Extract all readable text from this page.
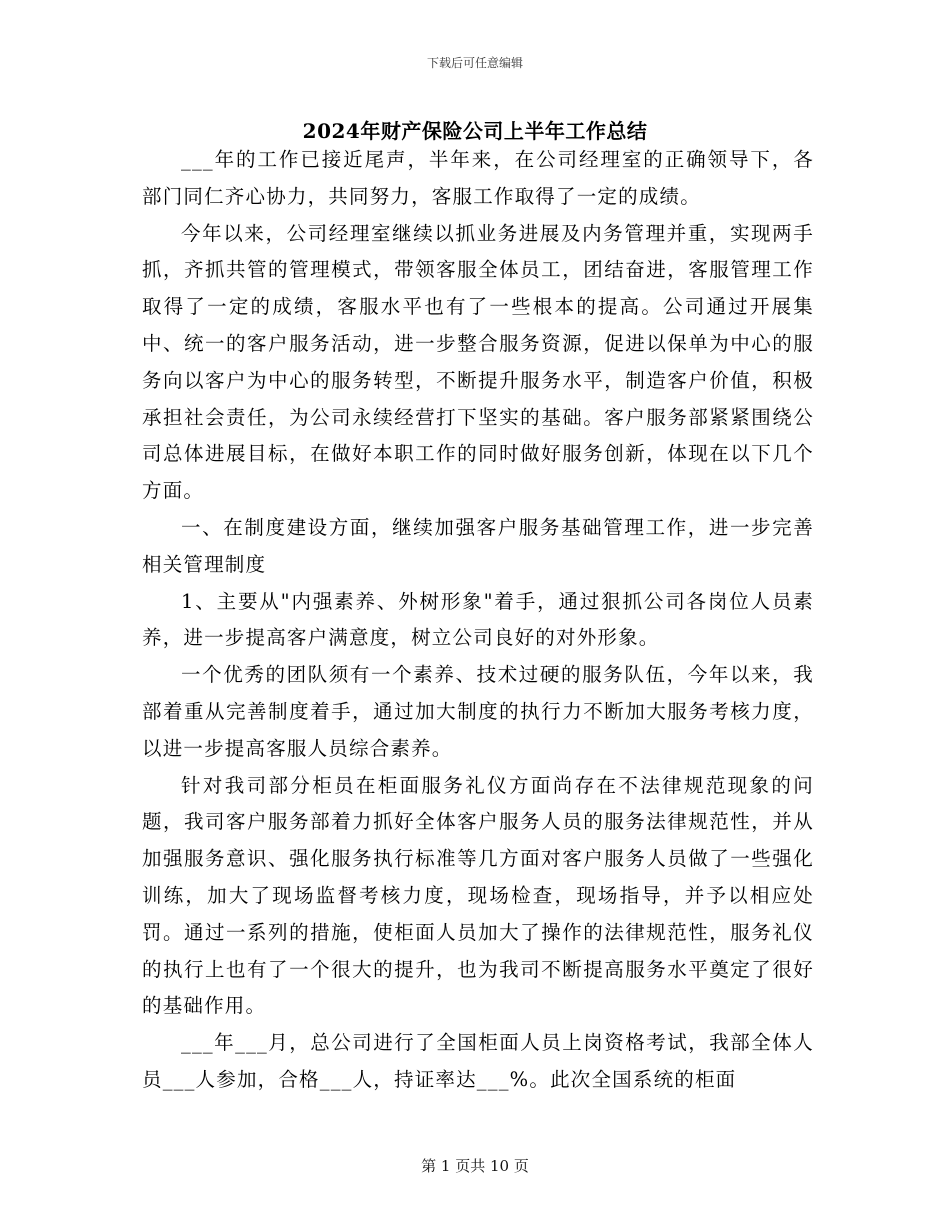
下载后可任意编辑
2024年财产保险公司上半年工作总结

___年的工作已接近尾声，半年来，在公司经理室的正确领导下，各部门同仁齐心协力，共同努力，客服工作取得了一定的成绩。

今年以来，公司经理室继续以抓业务进展及内务管理并重，实现两手抓，齐抓共管的管理模式，带领客服全体员工，团结奋进，客服管理工作取得了一定的成绩，客服水平也有了一些根本的提高。公司通过开展集中、统一的客户服务活动，进一步整合服务资源，促进以保单为中心的服务向以客户为中心的服务转型，不断提升服务水平，制造客户价值，积极承担社会责任，为公司永续经营打下坚实的基础。客户服务部紧紧围绕公司总体进展目标，在做好本职工作的同时做好服务创新，体现在以下几个方面。

一、在制度建设方面，继续加强客户服务基础管理工作，进一步完善相关管理制度

1、主要从"内强素养、外树形象"着手，通过狠抓公司各岗位人员素养，进一步提高客户满意度，树立公司良好的对外形象。

一个优秀的团队须有一个素养、技术过硬的服务队伍，今年以来，我部着重从完善制度着手，通过加大制度的执行力不断加大服务考核力度，以进一步提高客服人员综合素养。

针对我司部分柜员在柜面服务礼仪方面尚存在不法律规范现象的问题，我司客户服务部着力抓好全体客户服务人员的服务法律规范性，并从加强服务意识、强化服务执行标准等几方面对客户服务人员做了一些强化训练，加大了现场监督考核力度，现场检查，现场指导，并予以相应处罚。通过一系列的措施，使柜面人员加大了操作的法律规范性，服务礼仪的执行上也有了一个很大的提升，也为我司不断提高服务水平奠定了很好的基础作用。

___年___月，总公司进行了全国柜面人员上岗资格考试，我部全体人员___人参加，合格___人，持证率达___%。此次全国系统的柜面

第 1 页共 10 页
